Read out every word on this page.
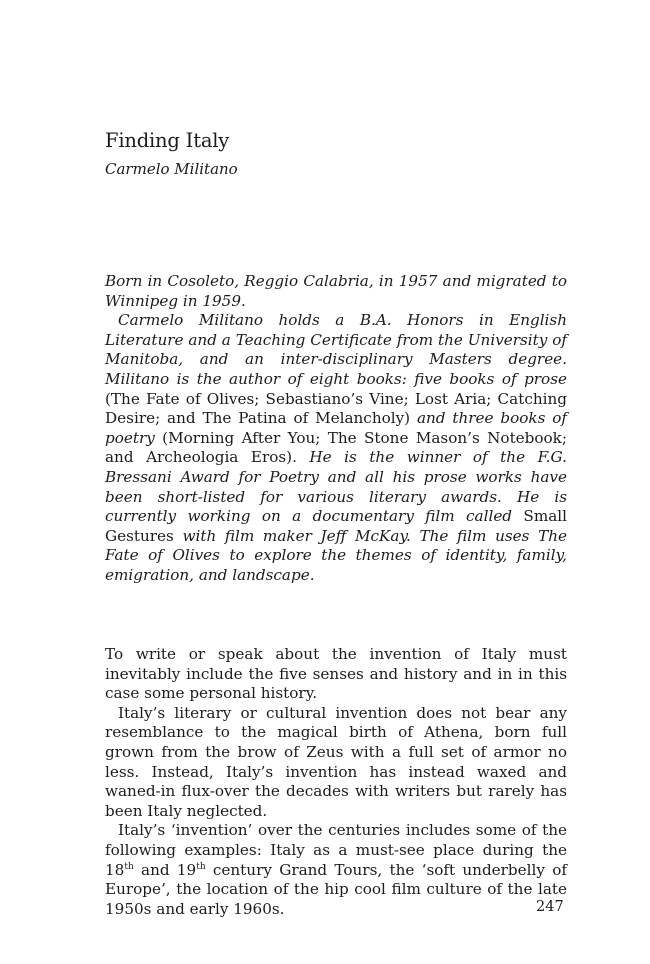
Finding Italy

Carmelo Militano

Born in Cosoleto, Reggio Calabria, in 1957 and migrated to Winnipeg in 1959.

Carmelo Militano holds a B.A. Honors in English Literature and a Teaching Certificate from the University of Manitoba, and an inter-disciplinary Masters degree. Militano is the author of eight books: five books of prose (The Fate of Olives; Sebastiano’s Vine; Lost Aria; Catching Desire; and The Patina of Melancholy) and three books of poetry (Morning After You; The Stone Mason’s Notebook; and Archeologia Eros). He is the winner of the F.G. Bressani Award for Poetry and all his prose works have been short-listed for various literary awards. He is currently working on a documentary film called Small Gestures with film maker Jeff McKay. The film uses The Fate of Olives to explore the themes of identity, family, emigration, and landscape.

To write or speak about the invention of Italy must inevitably include the five senses and history and in in this case some personal history.

Italy’s literary or cultural invention does not bear any resemblance to the magical birth of Athena, born full grown from the brow of Zeus with a full set of armor no less. Instead, Italy’s invention has instead waxed and waned-in flux-over the decades with writers but rarely has been Italy neglected.

Italy’s ‘invention’ over the centuries includes some of the following examples: Italy as a must-see place during the 18th and 19th century Grand Tours, the ‘soft underbelly of Europe’, the location of the hip cool film culture of the late 1950s and early 1960s.	247
